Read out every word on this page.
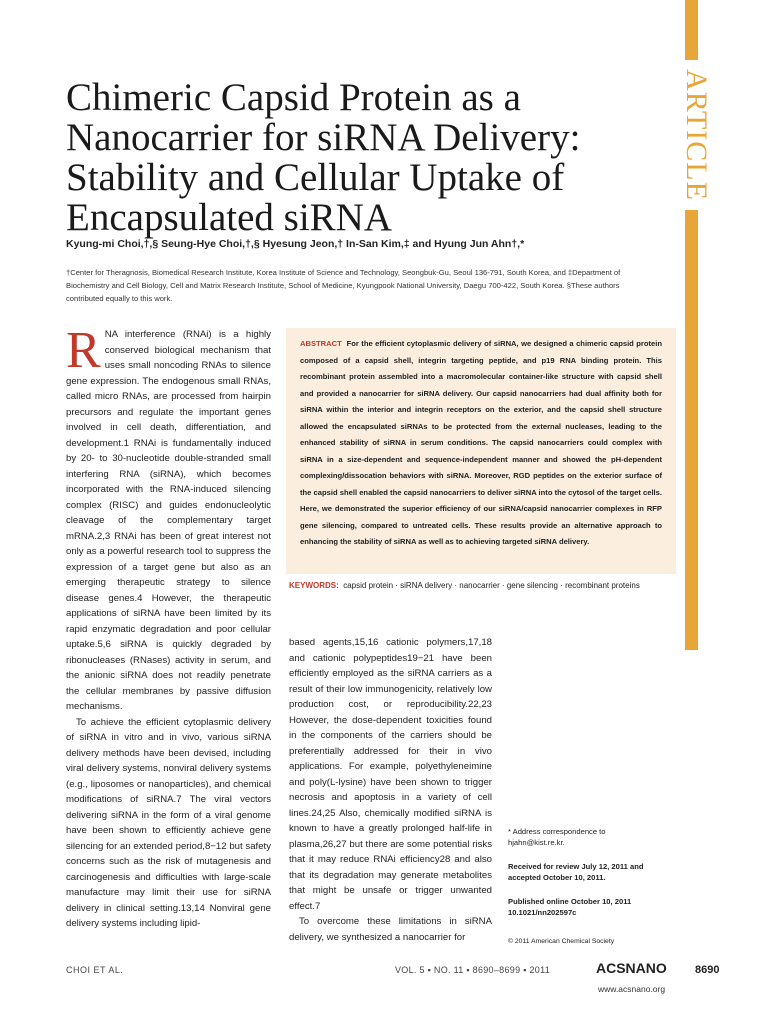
ARTICLE
Chimeric Capsid Protein as a
Nanocarrier for siRNA Delivery:
Stability and Cellular Uptake of
Encapsulated siRNA
Kyung-mi Choi,†,§ Seung-Hye Choi,†,§ Hyesung Jeon,† In-San Kim,‡ and Hyung Jun Ahn†,*
†Center for Theragnosis, Biomedical Research Institute, Korea Institute of Science and Technology, Seongbuk-Gu, Seoul 136-791, South Korea, and ‡Department of Biochemistry and Cell Biology, Cell and Matrix Research Institute, School of Medicine, Kyungpook National University, Daegu 700-422, South Korea. §These authors contributed equally to this work.

RNA interference (RNAi) is a highly conserved biological mechanism that uses small noncoding RNAs to silence gene expression. The endogenous small RNAs, called micro RNAs, are processed from hairpin precursors and regulate the important genes involved in cell death, differentiation, and development.1 RNAi is fundamentally induced by 20- to 30-nucleotide double-stranded small interfering RNA (siRNA), which becomes incorporated with the RNA-induced silencing complex (RISC) and guides endonucleolytic cleavage of the complementary target mRNA.2,3 RNAi has been of great interest not only as a powerful research tool to suppress the expression of a target gene but also as an emerging therapeutic strategy to silence disease genes.4 However, the therapeutic applications of siRNA have been limited by its rapid enzymatic degradation and poor cellular uptake.5,6 siRNA is quickly degraded by ribonucleases (RNases) activity in serum, and the anionic siRNA does not readily penetrate the cellular membranes by passive diffusion mechanisms.

To achieve the efficient cytoplasmic delivery of siRNA in vitro and in vivo, various siRNA delivery methods have been devised, including viral delivery systems, nonviral delivery systems (e.g., liposomes or nanoparticles), and chemical modifications of siRNA.7 The viral vectors delivering siRNA in the form of a viral genome have been shown to efficiently achieve gene silencing for an extended period,8−12 but safety concerns such as the risk of mutagenesis and carcinogenesis and difficulties with large-scale manufacture may limit their use for siRNA delivery in clinical setting.13,14 Nonviral gene delivery systems including lipid-

ABSTRACT For the efficient cytoplasmic delivery of siRNA, we designed a chimeric capsid protein composed of a capsid shell, integrin targeting peptide, and p19 RNA binding protein. This recombinant protein assembled into a macromolecular container-like structure with capsid shell and provided a nanocarrier for siRNA delivery. Our capsid nanocarriers had dual affinity both for siRNA within the interior and integrin receptors on the exterior, and the capsid shell structure allowed the encapsulated siRNAs to be protected from the external nucleases, leading to the enhanced stability of siRNA in serum conditions. The capsid nanocarriers could complex with siRNA in a size-dependent and sequence-independent manner and showed the pH-dependent complexing/dissocation behaviors with siRNA. Moreover, RGD peptides on the exterior surface of the capsid shell enabled the capsid nanocarriers to deliver siRNA into the cytosol of the target cells. Here, we demonstrated the superior efficiency of our siRNA/capsid nanocarrier complexes in RFP gene silencing, compared to untreated cells. These results provide an alternative approach to enhancing the stability of siRNA as well as to achieving targeted siRNA delivery.
KEYWORDS: capsid protein · siRNA delivery · nanocarrier · gene silencing · recombinant proteins

based agents,15,16 cationic polymers,17,18 and cationic polypeptides19−21 have been efficiently employed as the siRNA carriers as a result of their low immunogenicity, relatively low production cost, or reproducibility.22,23 However, the dose-dependent toxicities found in the components of the carriers should be preferentially addressed for their in vivo applications. For example, polyethyleneimine and poly(L-lysine) have been shown to trigger necrosis and apoptosis in a variety of cell lines.24,25 Also, chemically modified siRNA is known to have a greatly prolonged half-life in plasma,26,27 but there are some potential risks that it may reduce RNAi efficiency28 and also that its degradation may generate metabolites that might be unsafe or trigger unwanted effect.7

To overcome these limitations in siRNA delivery, we synthesized a nanocarrier for

* Address correspondence to hjahn@kist.re.kr.
Received for review July 12, 2011 and accepted October 10, 2011.
Published online October 10, 2011 10.1021/nn202597c
© 2011 American Chemical Society
CHOI ET AL.	VOL. 5 ▪ NO. 11 ▪ 8690–8699 ▪ 2011	ACSNANO	8690
www.acsnano.org
